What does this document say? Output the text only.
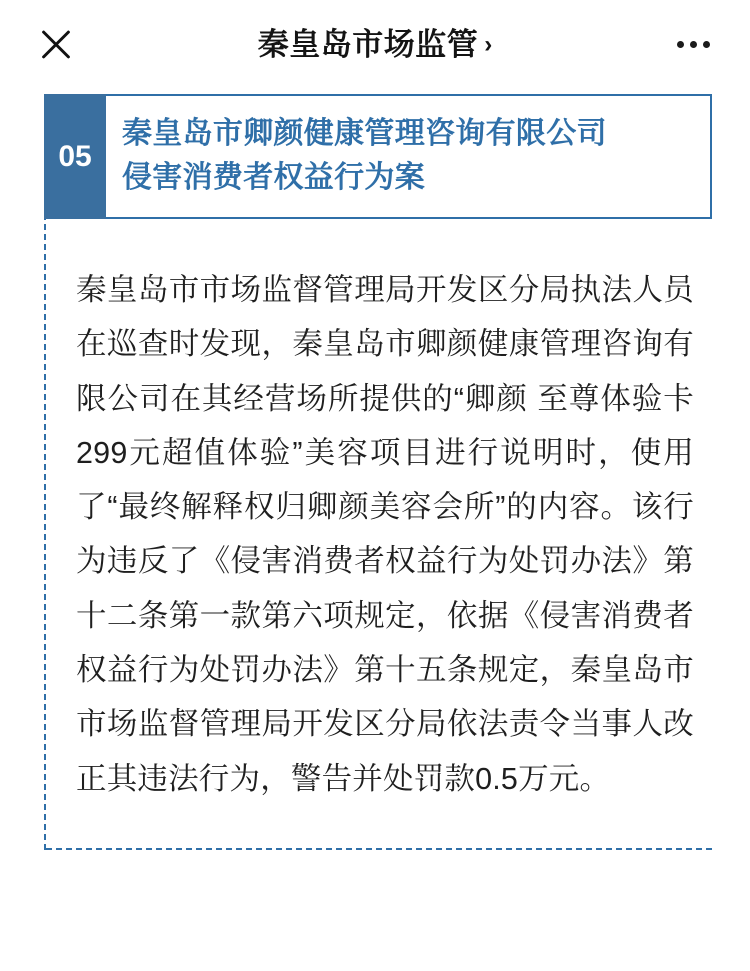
秦皇岛市场监管 ›
05
秦皇岛市卿颜健康管理咨询有限公司
侵害消费者权益行为案

秦皇岛市市场监督管理局开发区分局执法人员在巡查时发现，秦皇岛市卿颜健康管理咨询有限公司在其经营场所提供的“卿颜 至尊体验卡 299元超值体验”美容项目进行说明时，使用了“最终解释权归卿颜美容会所”的内容。该行为违反了《侵害消费者权益行为处罚办法》第十二条第一款第六项规定，依据《侵害消费者权益行为处罚办法》第十五条规定，秦皇岛市市场监督管理局开发区分局依法责令当事人改正其违法行为，警告并处罚款0.5万元。
